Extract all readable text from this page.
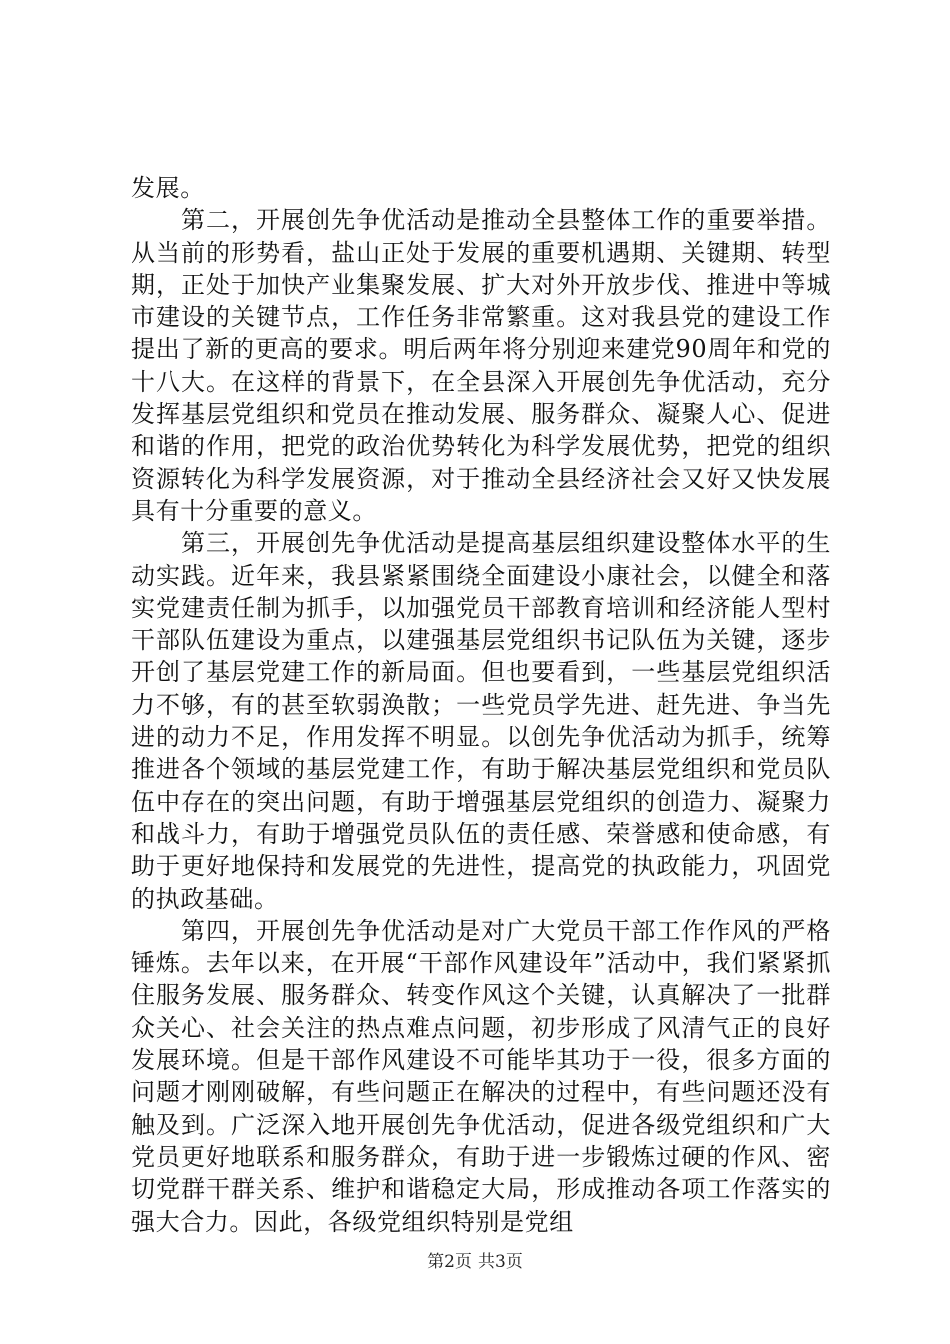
发展。

第二，开展创先争优活动是推动全县整体工作的重要举措。从当前的形势看，盐山正处于发展的重要机遇期、关键期、转型期，正处于加快产业集聚发展、扩大对外开放步伐、推进中等城市建设的关键节点，工作任务非常繁重。这对我县党的建设工作提出了新的更高的要求。明后两年将分别迎来建党90周年和党的十八大。在这样的背景下，在全县深入开展创先争优活动，充分发挥基层党组织和党员在推动发展、服务群众、凝聚人心、促进和谐的作用，把党的政治优势转化为科学发展优势，把党的组织资源转化为科学发展资源，对于推动全县经济社会又好又快发展具有十分重要的意义。

第三，开展创先争优活动是提高基层组织建设整体水平的生动实践。近年来，我县紧紧围绕全面建设小康社会，以健全和落实党建责任制为抓手，以加强党员干部教育培训和经济能人型村干部队伍建设为重点，以建强基层党组织书记队伍为关键，逐步开创了基层党建工作的新局面。但也要看到，一些基层党组织活力不够，有的甚至软弱涣散；一些党员学先进、赶先进、争当先进的动力不足，作用发挥不明显。以创先争优活动为抓手，统筹推进各个领域的基层党建工作，有助于解决基层党组织和党员队伍中存在的突出问题，有助于增强基层党组织的创造力、凝聚力和战斗力，有助于增强党员队伍的责任感、荣誉感和使命感，有助于更好地保持和发展党的先进性，提高党的执政能力，巩固党的执政基础。

第四，开展创先争优活动是对广大党员干部工作作风的严格锤炼。去年以来，在开展“干部作风建设年”活动中，我们紧紧抓住服务发展、服务群众、转变作风这个关键，认真解决了一批群众关心、社会关注的热点难点问题，初步形成了风清气正的良好发展环境。但是干部作风建设不可能毕其功于一役，很多方面的问题才刚刚破解，有些问题正在解决的过程中，有些问题还没有触及到。广泛深入地开展创先争优活动，促进各级党组织和广大党员更好地联系和服务群众，有助于进一步锻炼过硬的作风、密切党群干群关系、维护和谐稳定大局，形成推动各项工作落实的强大合力。因此，各级党组织特别是党组

第2页 共3页
